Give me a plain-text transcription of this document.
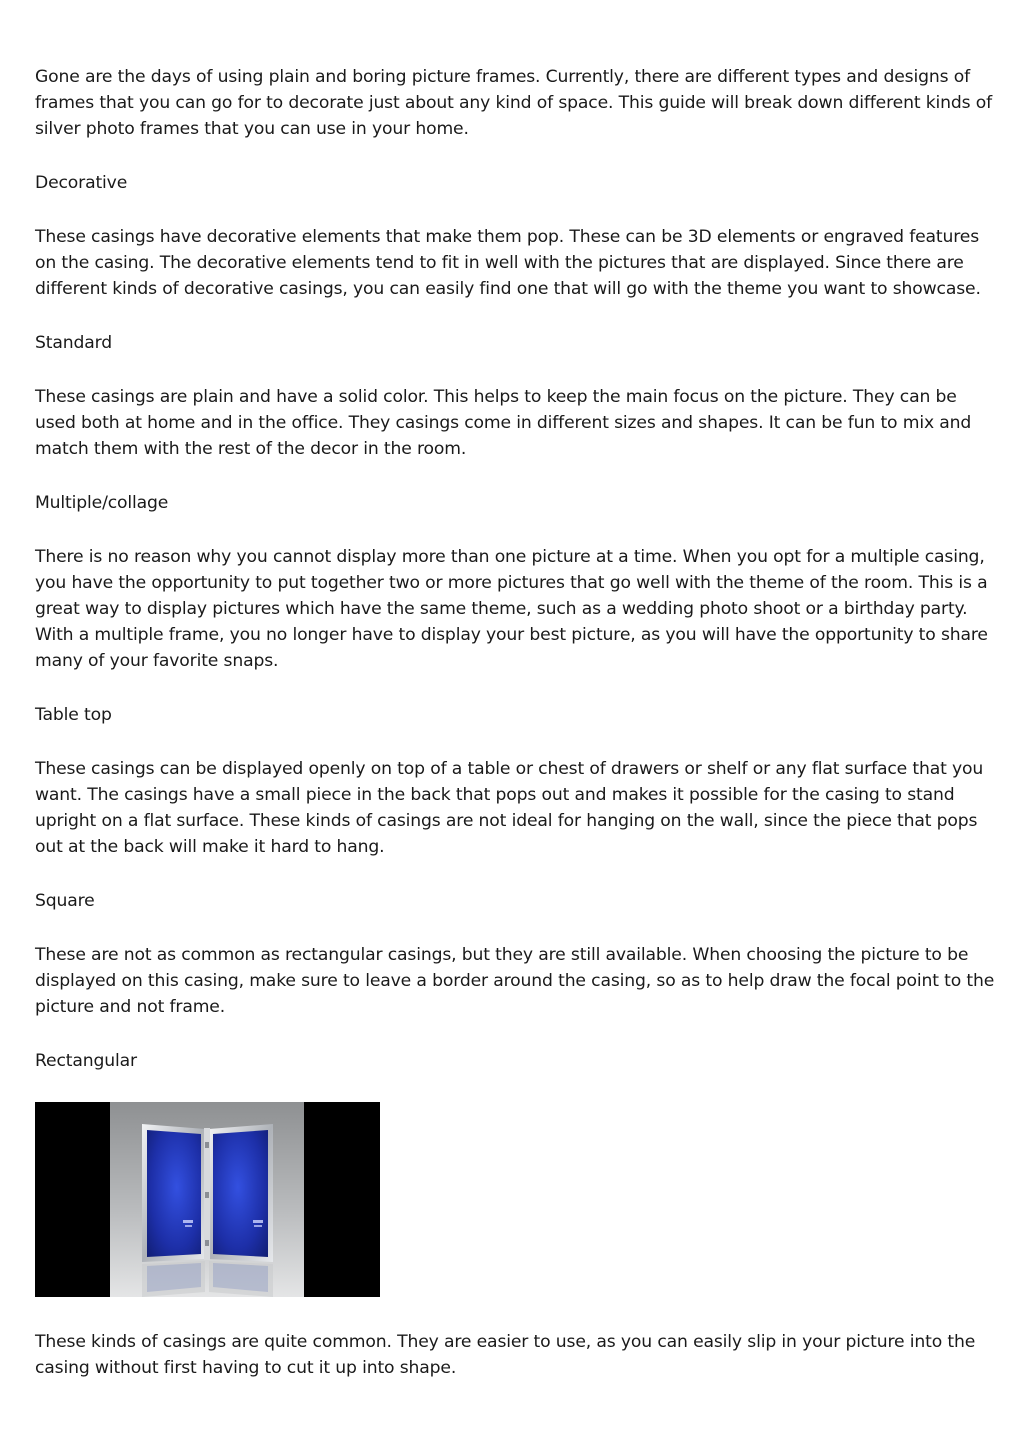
Gone are the days of using plain and boring picture frames. Currently, there are different types and designs of frames that you can go for to decorate just about any kind of space. This guide will break down different kinds of silver photo frames that you can use in your home.

Decorative

These casings have decorative elements that make them pop. These can be 3D elements or engraved features on the casing. The decorative elements tend to fit in well with the pictures that are displayed. Since there are different kinds of decorative casings, you can easily find one that will go with the theme you want to showcase.

Standard

These casings are plain and have a solid color. This helps to keep the main focus on the picture. They can be used both at home and in the office. They casings come in different sizes and shapes. It can be fun to mix and match them with the rest of the decor in the room.

Multiple/collage

There is no reason why you cannot display more than one picture at a time. When you opt for a multiple casing, you have the opportunity to put together two or more pictures that go well with the theme of the room. This is a great way to display pictures which have the same theme, such as a wedding photo shoot or a birthday party. With a multiple frame, you no longer have to display your best picture, as you will have the opportunity to share many of your favorite snaps.

Table top

These casings can be displayed openly on top of a table or chest of drawers or shelf or any flat surface that you want. The casings have a small piece in the back that pops out and makes it possible for the casing to stand upright on a flat surface. These kinds of casings are not ideal for hanging on the wall, since the piece that pops out at the back will make it hard to hang.

Square

These are not as common as rectangular casings, but they are still available. When choosing the picture to be displayed on this casing, make sure to leave a border around the casing, so as to help draw the focal point to the picture and not frame.

Rectangular

These kinds of casings are quite common. They are easier to use, as you can easily slip in your picture into the casing without first having to cut it up into shape.
